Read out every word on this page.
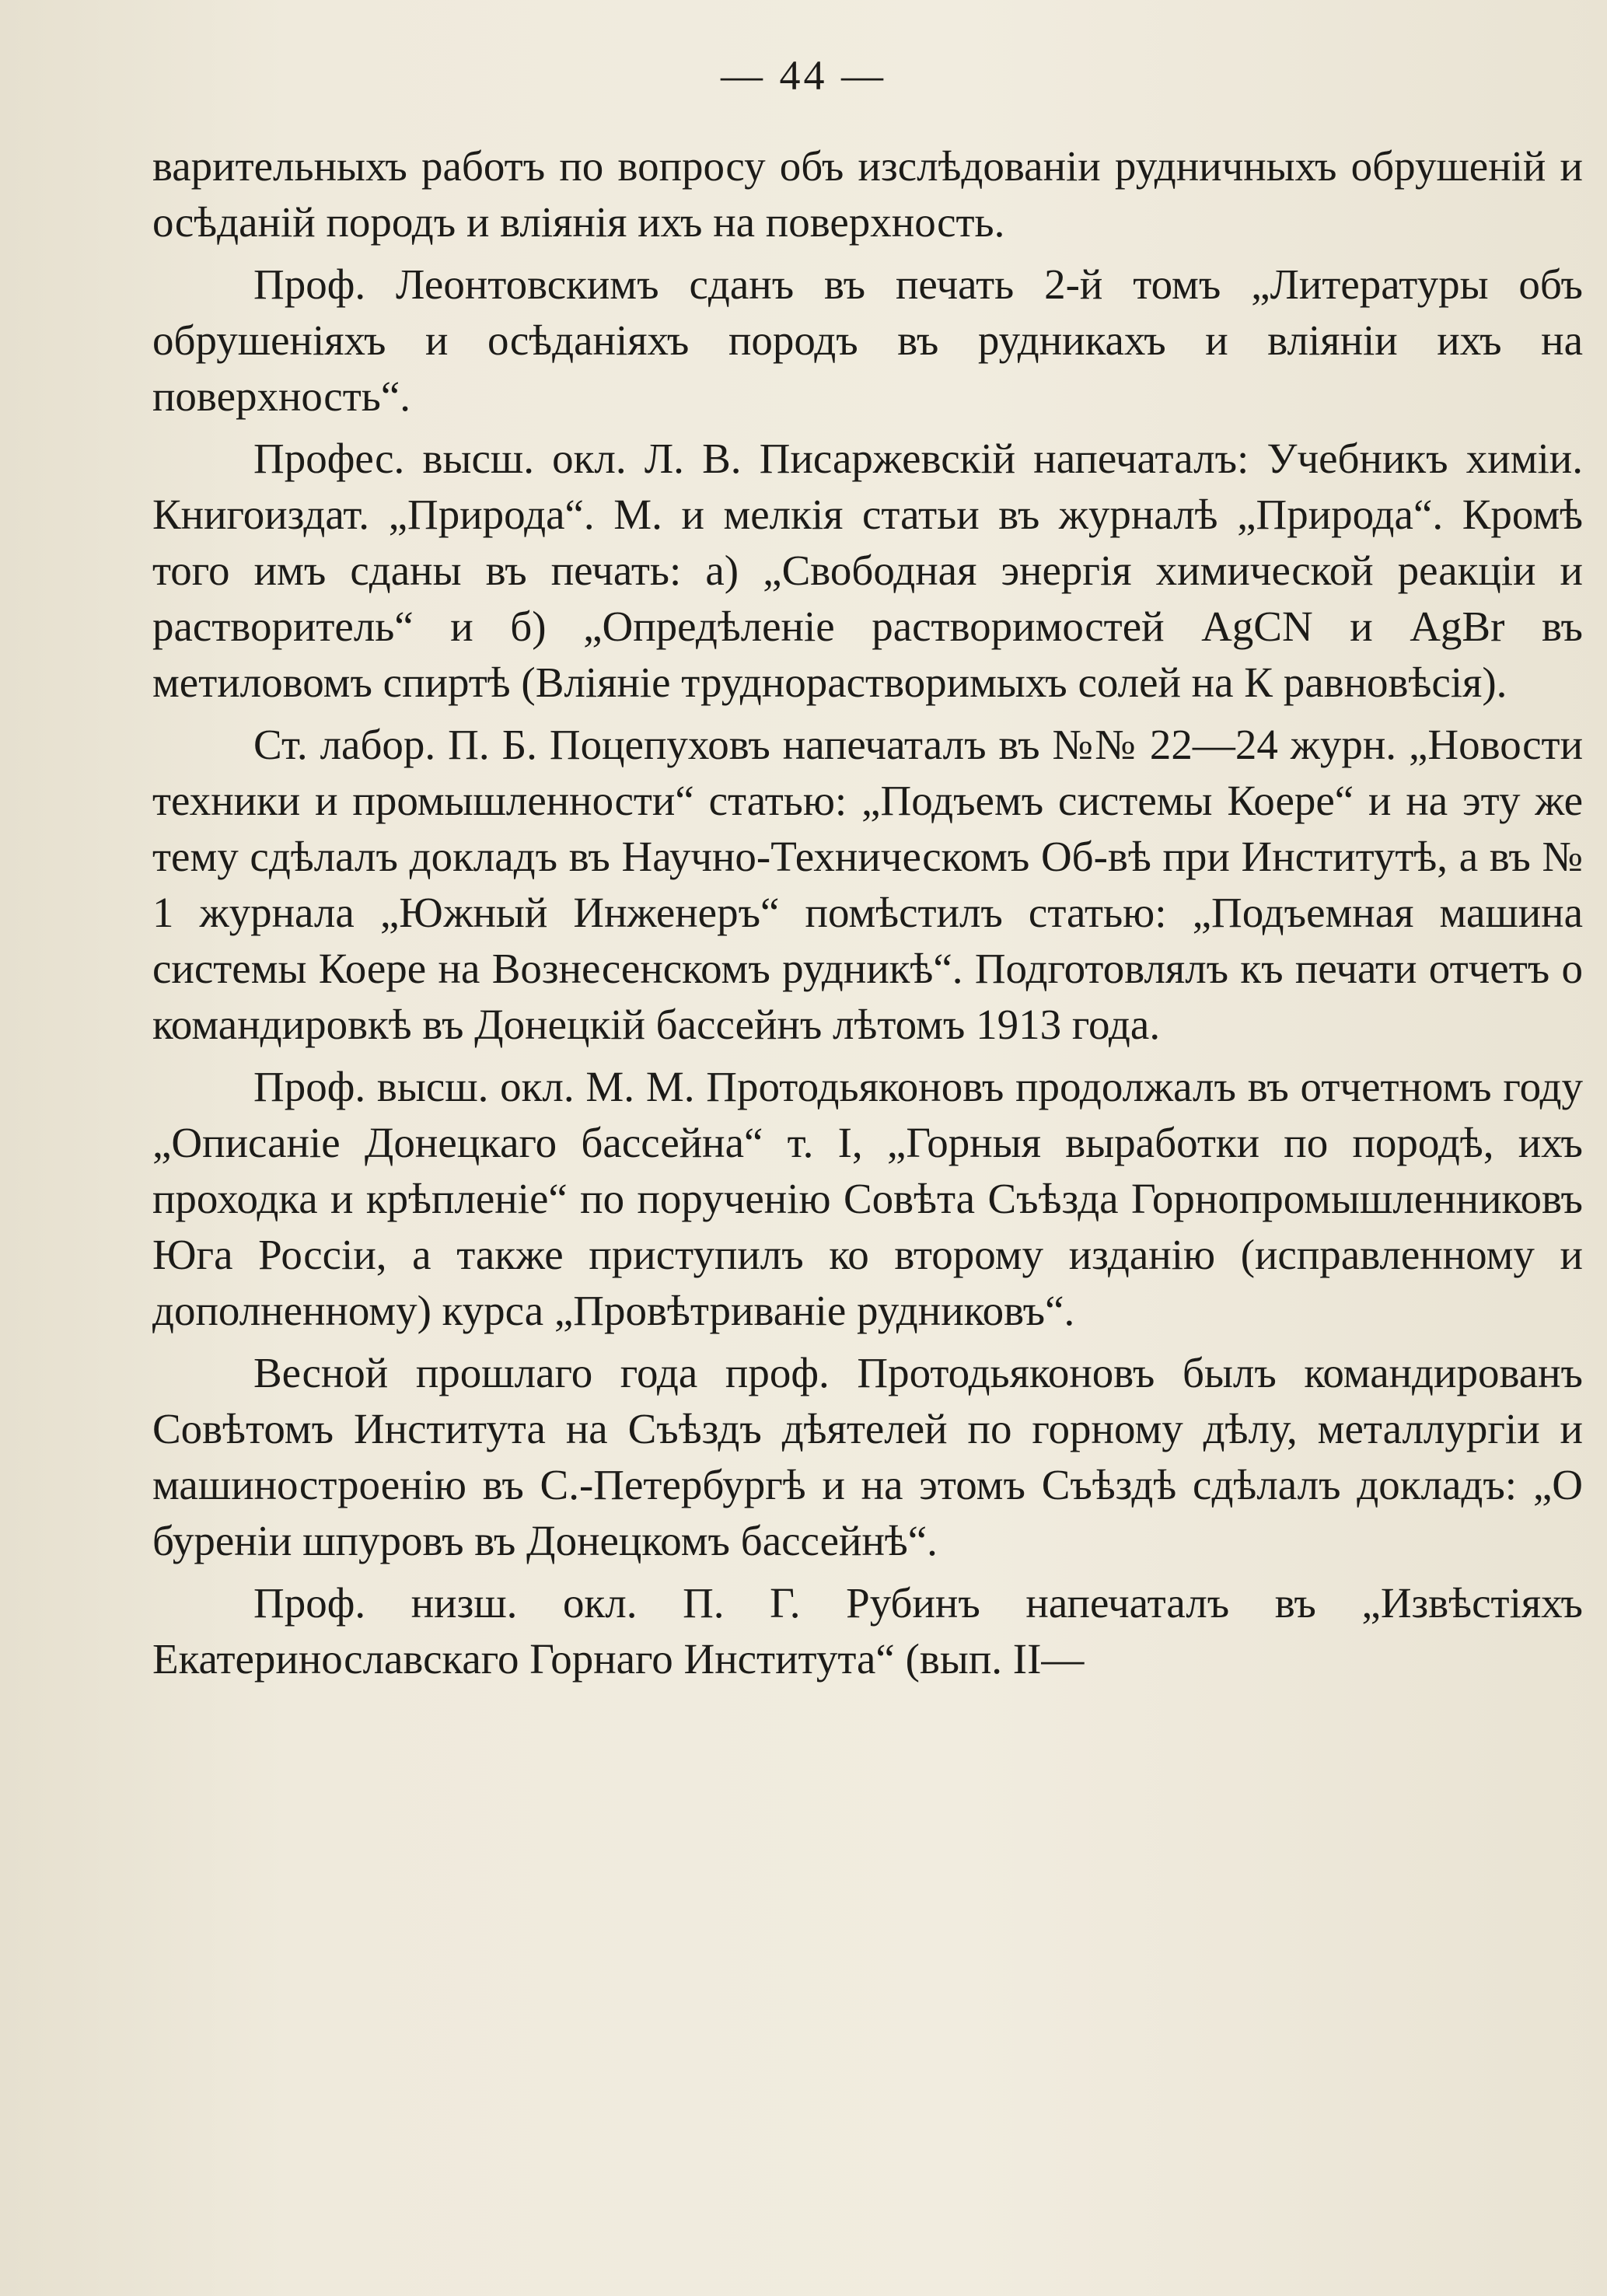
— 44 —

варительныхъ работъ по вопросу объ изслѣдованіи рудничныхъ обрушеній и осѣданій породъ и вліянія ихъ на поверхность.

Проф. Леонтовскимъ сданъ въ печать 2-й томъ „Литературы объ обрушеніяхъ и осѣданіяхъ породъ въ рудникахъ и вліяніи ихъ на поверхность“.

Профес. высш. окл. Л. В. Писаржевскій напечаталъ: Учебникъ химіи. Книгоиздат. „Природа“. М. и мелкія статьи въ журналѣ „Природа“. Кромѣ того имъ сданы въ печать: а) „Свободная энергія химической реакціи и растворитель“ и б) „Опредѣленіе растворимостей AgCN и AgBr въ метиловомъ спиртѣ (Вліяніе труднорастворимыхъ солей на К равновѣсія).

Ст. лабор. П. Б. Поцепуховъ напечаталъ въ №№ 22—24 журн. „Новости техники и промышленности“ статью: „Подъемъ системы Коере“ и на эту же тему сдѣлалъ докладъ въ Научно-Техническомъ Об-вѣ при Институтѣ, а въ № 1 журнала „Южный Инженеръ“ помѣстилъ статью: „Подъемная машина системы Коере на Вознесенскомъ рудникѣ“. Подготовлялъ къ печати отчетъ о командировкѣ въ Донецкій бассейнъ лѣтомъ 1913 года.

Проф. высш. окл. М. М. Протодьяконовъ продолжалъ въ отчетномъ году „Описаніе Донецкаго бассейна“ т. I, „Горныя выработки по породѣ, ихъ проходка и крѣпленіе“ по порученію Совѣта Съѣзда Горнопромышленниковъ Юга Россіи, а также приступилъ ко второму изданію (исправленному и дополненному) курса „Провѣтриваніе рудниковъ“.

Весной прошлаго года проф. Протодьяконовъ былъ командированъ Совѣтомъ Института на Съѣздъ дѣятелей по горному дѣлу, металлургіи и машиностроенію въ С.-Петербургѣ и на этомъ Съѣздѣ сдѣлалъ докладъ: „О буреніи шпуровъ въ Донецкомъ бассейнѣ“.

Проф. низш. окл. П. Г. Рубинъ напечаталъ въ „Извѣстіяхъ Екатеринославскаго Горнаго Института“ (вып. II—
